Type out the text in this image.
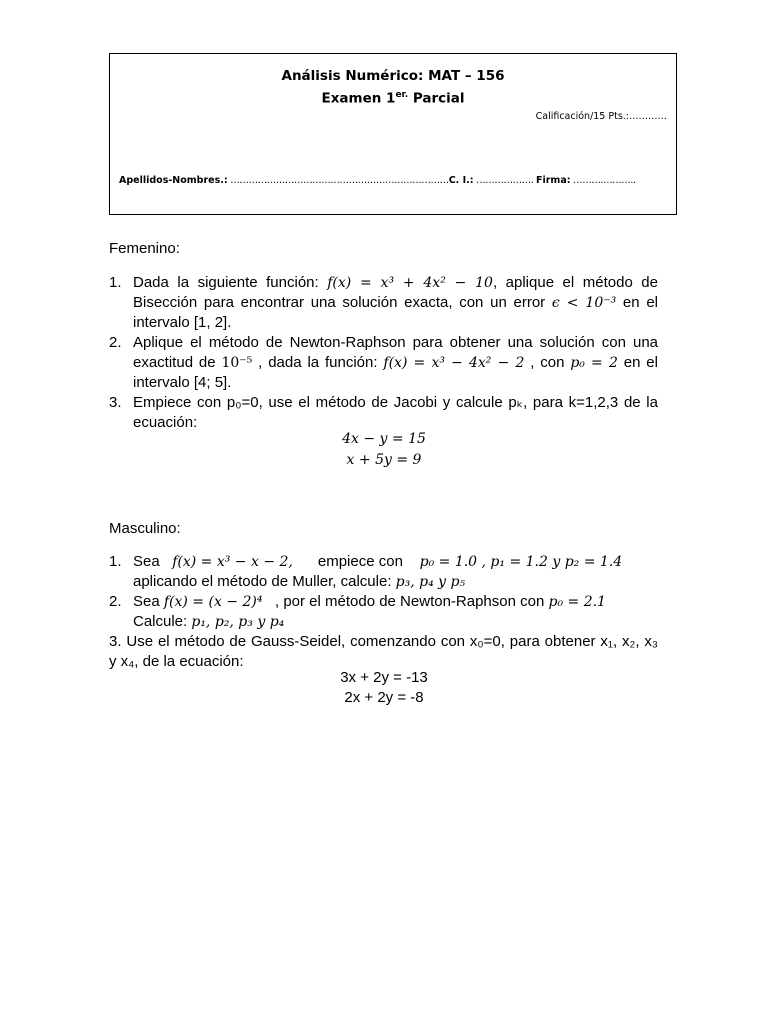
Análisis Numérico: MAT – 156
Examen $1^{er.}$ Parcial
Calificación/15 Pts.:…………
Apellidos-Nombres.: ………………………………………………………………C. I.: ………………. Firma: ……….………..
Femenino:
1. Dada la siguiente función: f(x) = x³ + 4x² − 10, aplique el método de Bisección para encontrar una solución exacta, con un error ϵ < 10⁻³ en el intervalo [1, 2].
2. Aplique el método de Newton-Raphson para obtener una solución con una exactitud de 10⁻⁵ , dada la función: f(x) = x³ − 4x² − 2 , con p₀ = 2 en el intervalo [4; 5].
3. Empiece con p₀=0, use el método de Jacobi y calcule pₖ, para k=1,2,3 de la ecuación:
4x − y = 15
x + 5y = 9
Masculino:
1. Sea   f(x) = x³ − x − 2,      empiece con    p₀ = 1.0 , p₁ = 1.2 y p₂ = 1.4
aplicando el método de Muller, calcule: p₃, p₄ y p₅
2. Sea f(x) = (x − 2)⁴   , por el método de Newton-Raphson con p₀ = 2.1
Calcule: p₁, p₂, p₃ y p₄
3. Use el método de Gauss-Seidel, comenzando con x₀=0, para obtener x₁, x₂, x₃ y x₄, de la ecuación:
3x + 2y = -13
2x + 2y = -8
